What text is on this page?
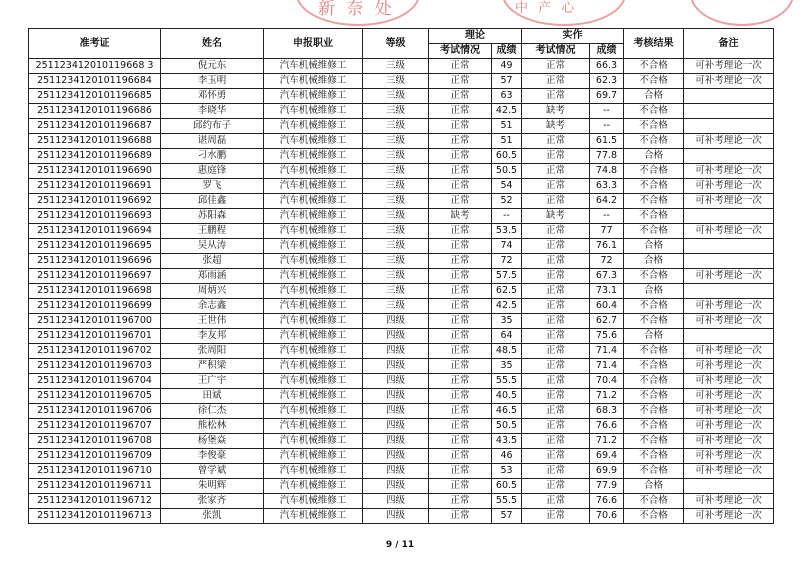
新 奈 处	中 产 心
准考证	姓名	申报职业	等级	理论		实作		考核结果	备注
				考试情况	成绩	考试情况	成绩		
251123412010119668 3	倪元东	汽车机械维修工	三级	正常	49	正常	66.3	不合格	可补考理论一次
2511234120101196684	李玉明	汽车机械维修工	三级	正常	57	正常	62.3	不合格	可补考理论一次
2511234120101196685	邓怀勇	汽车机械维修工	三级	正常	63	正常	69.7	合格	
2511234120101196686	李晓华	汽车机械维修工	三级	正常	42.5	缺考	--	不合格	
2511234120101196687	邱约布子	汽车机械维修工	三级	正常	51	缺考	--	不合格	
2511234120101196688	谌周磊	汽车机械维修工	三级	正常	51	正常	61.5	不合格	可补考理论一次
2511234120101196689	刁水鹏	汽车机械维修工	三级	正常	60.5	正常	77.8	合格	
2511234120101196690	惠庭锋	汽车机械维修工	三级	正常	50.5	正常	74.8	不合格	可补考理论一次
2511234120101196691	罗飞	汽车机械维修工	三级	正常	54	正常	63.3	不合格	可补考理论一次
2511234120101196692	邱佳鑫	汽车机械维修工	三级	正常	52	正常	64.2	不合格	可补考理论一次
2511234120101196693	苏阳森	汽车机械维修工	三级	缺考	--	缺考	--	不合格	
2511234120101196694	王鹏程	汽车机械维修工	三级	正常	53.5	正常	77	不合格	可补考理论一次
2511234120101196695	吴从涛	汽车机械维修工	三级	正常	74	正常	76.1	合格	
2511234120101196696	张超	汽车机械维修工	三级	正常	72	正常	72	合格	
2511234120101196697	郑雨涵	汽车机械维修工	三级	正常	57.5	正常	67.3	不合格	可补考理论一次
2511234120101196698	周炳兴	汽车机械维修工	三级	正常	62.5	正常	73.1	合格	
2511234120101196699	余志鑫	汽车机械维修工	三级	正常	42.5	正常	60.4	不合格	可补考理论一次
2511234120101196700	王世伟	汽车机械维修工	四级	正常	35	正常	62.7	不合格	可补考理论一次
2511234120101196701	李友邦	汽车机械维修工	四级	正常	64	正常	75.6	合格	
2511234120101196702	张周阳	汽车机械维修工	四级	正常	48.5	正常	71.4	不合格	可补考理论一次
2511234120101196703	严积梁	汽车机械维修工	四级	正常	35	正常	71.4	不合格	可补考理论一次
2511234120101196704	王广宇	汽车机械维修工	四级	正常	55.5	正常	70.4	不合格	可补考理论一次
2511234120101196705	田斌	汽车机械维修工	四级	正常	40.5	正常	71.2	不合格	可补考理论一次
2511234120101196706	徐仁杰	汽车机械维修工	四级	正常	46.5	正常	68.3	不合格	可补考理论一次
2511234120101196707	熊松林	汽车机械维修工	四级	正常	50.5	正常	76.6	不合格	可补考理论一次
2511234120101196708	杨堡焱	汽车机械维修工	四级	正常	43.5	正常	71.2	不合格	可补考理论一次
2511234120101196709	李俊豪	汽车机械维修工	四级	正常	46	正常	69.4	不合格	可补考理论一次
2511234120101196710	曾学斌	汽车机械维修工	四级	正常	53	正常	69.9	不合格	可补考理论一次
2511234120101196711	朱明辉	汽车机械维修工	四级	正常	60.5	正常	77.9	合格	
2511234120101196712	张家齐	汽车机械维修工	四级	正常	55.5	正常	76.6	不合格	可补考理论一次
2511234120101196713	张凯	汽车机械维修工	四级	正常	57	正常	70.6	不合格	可补考理论一次
9 / 11
